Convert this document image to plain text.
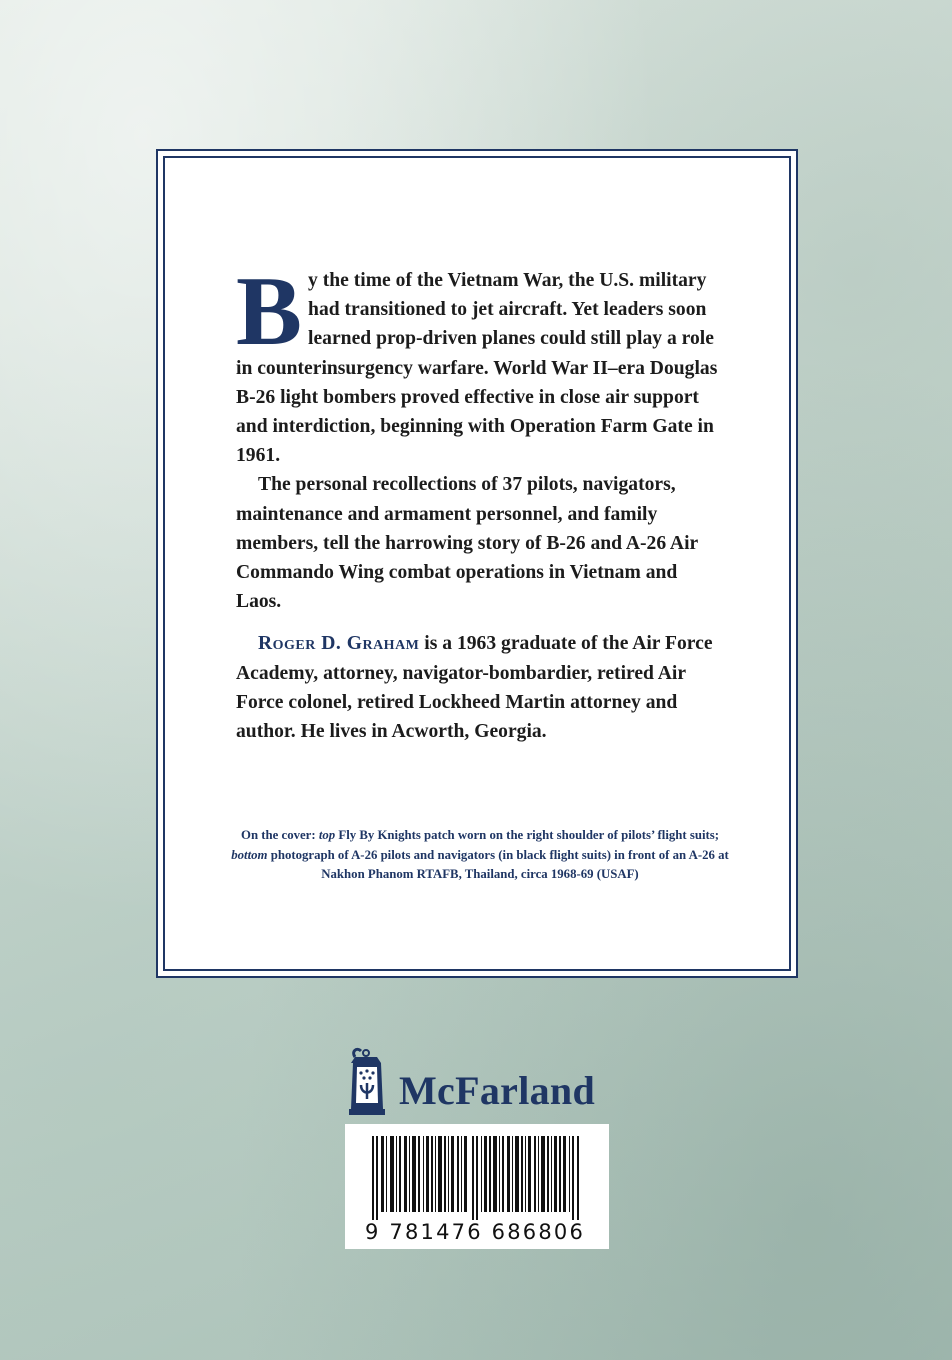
By the time of the Vietnam War, the U.S. military had transitioned to jet aircraft. Yet leaders soon learned prop-driven planes could still play a role in counterinsurgency warfare. World War II–era Douglas B-26 light bombers proved effective in close air support and interdiction, beginning with Operation Farm Gate in 1961.

The personal recollections of 37 pilots, navigators, maintenance and armament personnel, and family members, tell the harrowing story of B-26 and A-26 Air Commando Wing combat operations in Vietnam and Laos.

Roger D. Graham is a 1963 graduate of the Air Force Academy, attorney, navigator-bombardier, retired Air Force colonel, retired Lockheed Martin attorney and author. He lives in Acworth, Georgia.

On the cover: top Fly By Knights patch worn on the right shoulder of pilots’ flight suits; bottom photograph of A-26 pilots and navigators (in black flight suits) in front of an A-26 at Nakhon Phanom RTAFB, Thailand, circa 1968-69 (USAF)
McFarland
9 781476 686806
